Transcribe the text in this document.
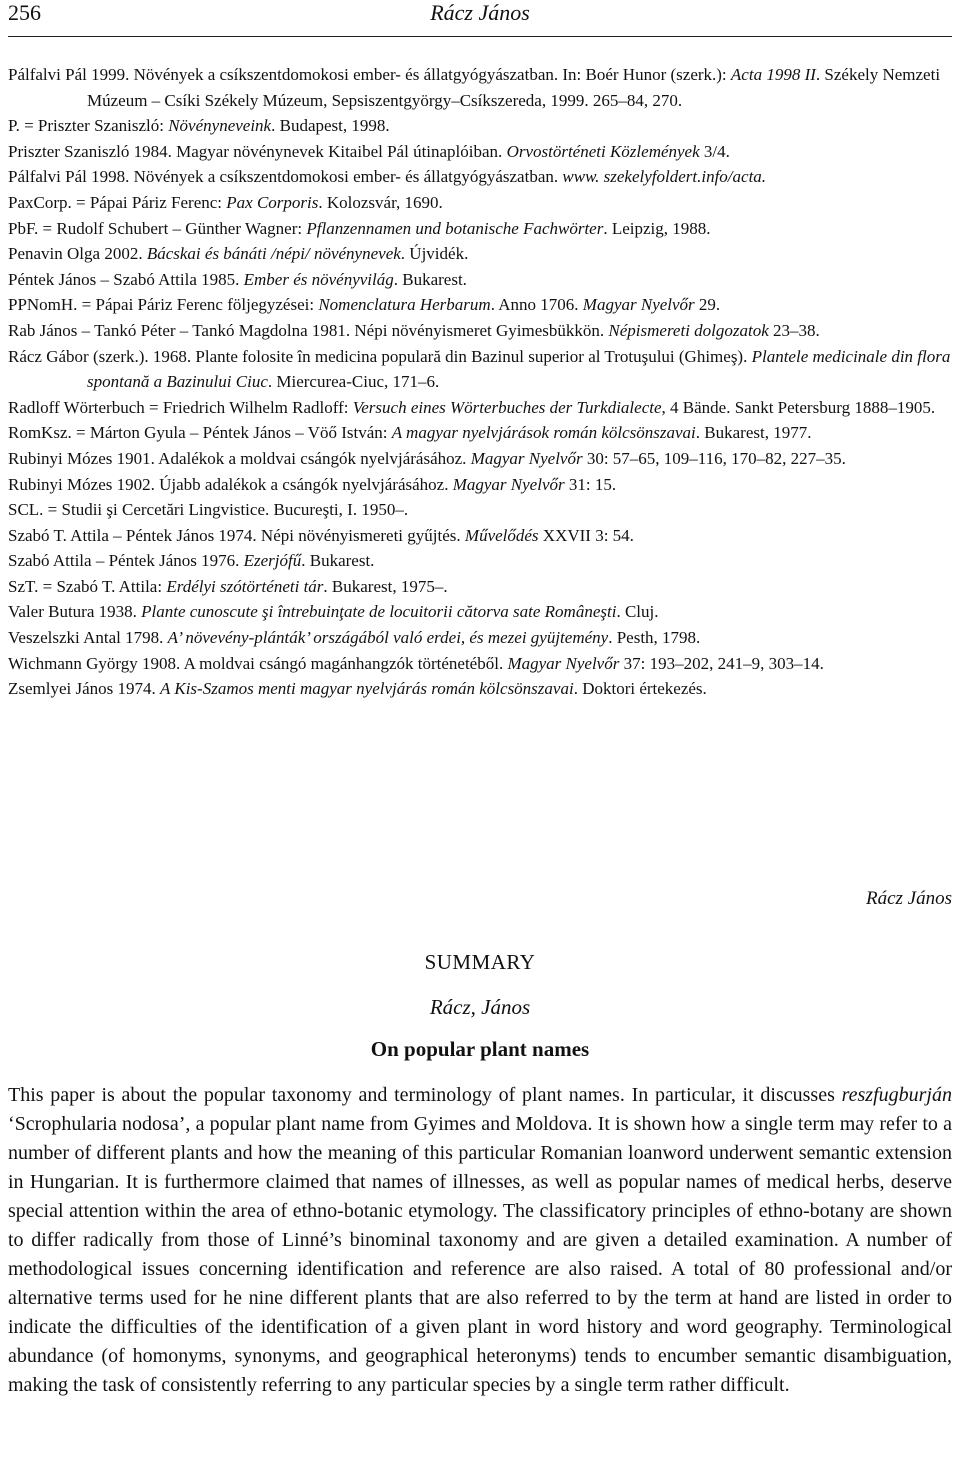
256	Rácz János

Pálfalvi Pál 1999. Növények a csíkszentdomokosi ember- és állatgyógyászatban. In: Boér Hunor (szerk.): Acta 1998 II. Székely Nemzeti Múzeum – Csíki Székely Múzeum, Sepsiszentgyörgy–Csíkszereda, 1999. 265–84, 270.

P. = Priszter Szaniszló: Növényneveink. Budapest, 1998.

Priszter Szaniszló 1984. Magyar növénynevek Kitaibel Pál útinaplóiban. Orvostörténeti Közlemények 3/4.

Pálfalvi Pál 1998. Növények a csíkszentdomokosi ember- és állatgyógyászatban. www. szekelyfoldert.info/acta.

PaxCorp. = Pápai Páriz Ferenc: Pax Corporis. Kolozsvár, 1690.

PbF. = Rudolf Schubert – Günther Wagner: Pflanzennamen und botanische Fachwörter. Leipzig, 1988.

Penavin Olga 2002. Bácskai és bánáti /népi/ növénynevek. Újvidék.

Péntek János – Szabó Attila 1985. Ember és növényvilág. Bukarest.

PPNomH. = Pápai Páriz Ferenc följegyzései: Nomenclatura Herbarum. Anno 1706. Magyar Nyelvőr 29.

Rab János – Tankó Péter – Tankó Magdolna 1981. Népi növényismeret Gyimesbükkön. Népismereti dolgozatok 23–38.

Rácz Gábor (szerk.). 1968. Plante folosite în medicina populară din Bazinul superior al Trotuşului (Ghimeş). Plantele medicinale din flora spontană a Bazinului Ciuc. Miercurea-Ciuc, 171–6.

Radloff Wörterbuch = Friedrich Wilhelm Radloff: Versuch eines Wörterbuches der Turkdialecte, 4 Bände. Sankt Petersburg 1888–1905.

RomKsz. = Márton Gyula – Péntek János – Vöő István: A magyar nyelvjárások román kölcsönszavai. Bukarest, 1977.

Rubinyi Mózes 1901. Adalékok a moldvai csángók nyelvjárásához. Magyar Nyelvőr 30: 57–65, 109–116, 170–82, 227–35.

Rubinyi Mózes 1902. Újabb adalékok a csángók nyelvjárásához. Magyar Nyelvőr 31: 15.

SCL. = Studii şi Cercetări Lingvistice. Bucureşti, I. 1950–.

Szabó T. Attila – Péntek János 1974. Népi növényismereti gyűjtés. Művelődés XXVII 3: 54.

Szabó Attila – Péntek János 1976. Ezerjófű. Bukarest.

SzT. = Szabó T. Attila: Erdélyi szótörténeti tár. Bukarest, 1975–.

Valer Butura 1938. Plante cunoscute şi întrebuinţate de locuitorii cătorva sate Româneşti. Cluj.

Veszelszki Antal 1798. A’ növevény-plánták’ országából való erdei, és mezei gyüjtemény. Pesth, 1798.

Wichmann György 1908. A moldvai csángó magánhangzók történetéből. Magyar Nyelvőr 37: 193–202, 241–9, 303–14.

Zsemlyei János 1974. A Kis-Szamos menti magyar nyelvjárás román kölcsönszavai. Doktori értekezés.

Rácz János
SUMMARY
Rácz, János
On popular plant names

This paper is about the popular taxonomy and terminology of plant names. In particular, it discusses reszfugburján ‘Scrophularia nodosa’, a popular plant name from Gyimes and Moldova. It is shown how a single term may refer to a number of different plants and how the meaning of this particular Romanian loanword underwent semantic extension in Hungarian. It is furthermore claimed that names of illnesses, as well as popular names of medical herbs, deserve special attention within the area of ethno-botanic etymology. The classificatory principles of ethno-botany are shown to differ radically from those of Linné’s binominal taxonomy and are given a detailed examination. A number of methodological issues concerning identification and reference are also raised. A total of 80 professional and/or alternative terms used for he nine different plants that are also referred to by the term at hand are listed in order to indicate the difficulties of the identification of a given plant in word history and word geography. Terminological abundance (of homonyms, synonyms, and geographical heteronyms) tends to encumber semantic disambiguation, making the task of consistently referring to any particular species by a single term rather difficult.
